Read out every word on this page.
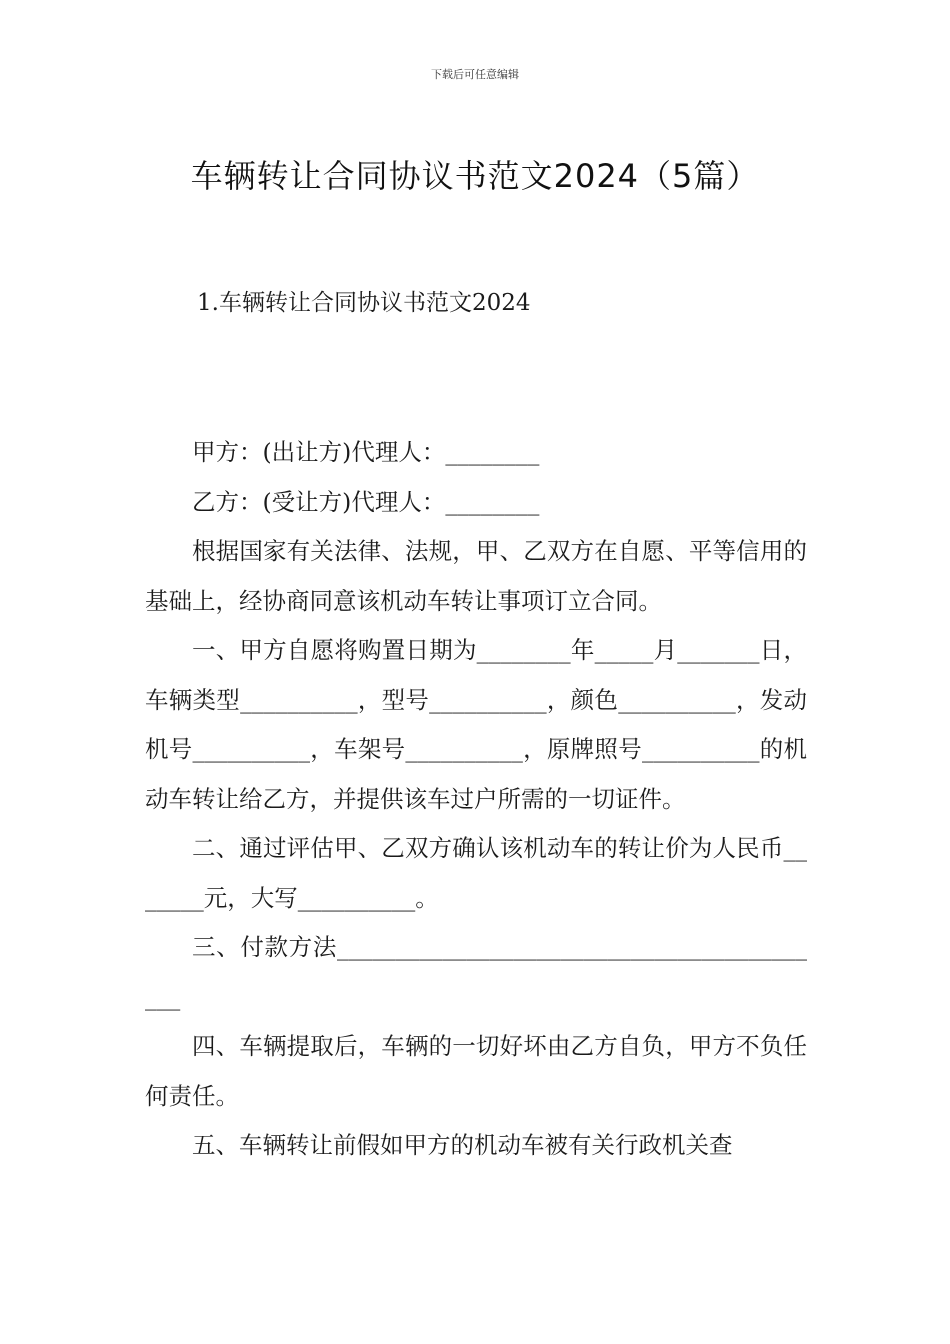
下载后可任意编辑
车辆转让合同协议书范文2024（5篇）
1.车辆转让合同协议书范文2024

甲方：(出让方)代理人：________

乙方：(受让方)代理人：________

根据国家有关法律、法规，甲、乙双方在自愿、平等信用的基础上，经协商同意该机动车转让事项订立合同。

一、甲方自愿将购置日期为________年_____月_______日，车辆类型__________，型号__________，颜色__________，发动机号__________，车架号__________，原牌照号__________的机动车转让给乙方，并提供该车过户所需的一切证件。

二、通过评估甲、乙双方确认该机动车的转让价为人民币_______元，大写__________。

三、付款方法___________________________________________

四、车辆提取后，车辆的一切好坏由乙方自负，甲方不负任何责任。

五、车辆转让前假如甲方的机动车被有关行政机关查
